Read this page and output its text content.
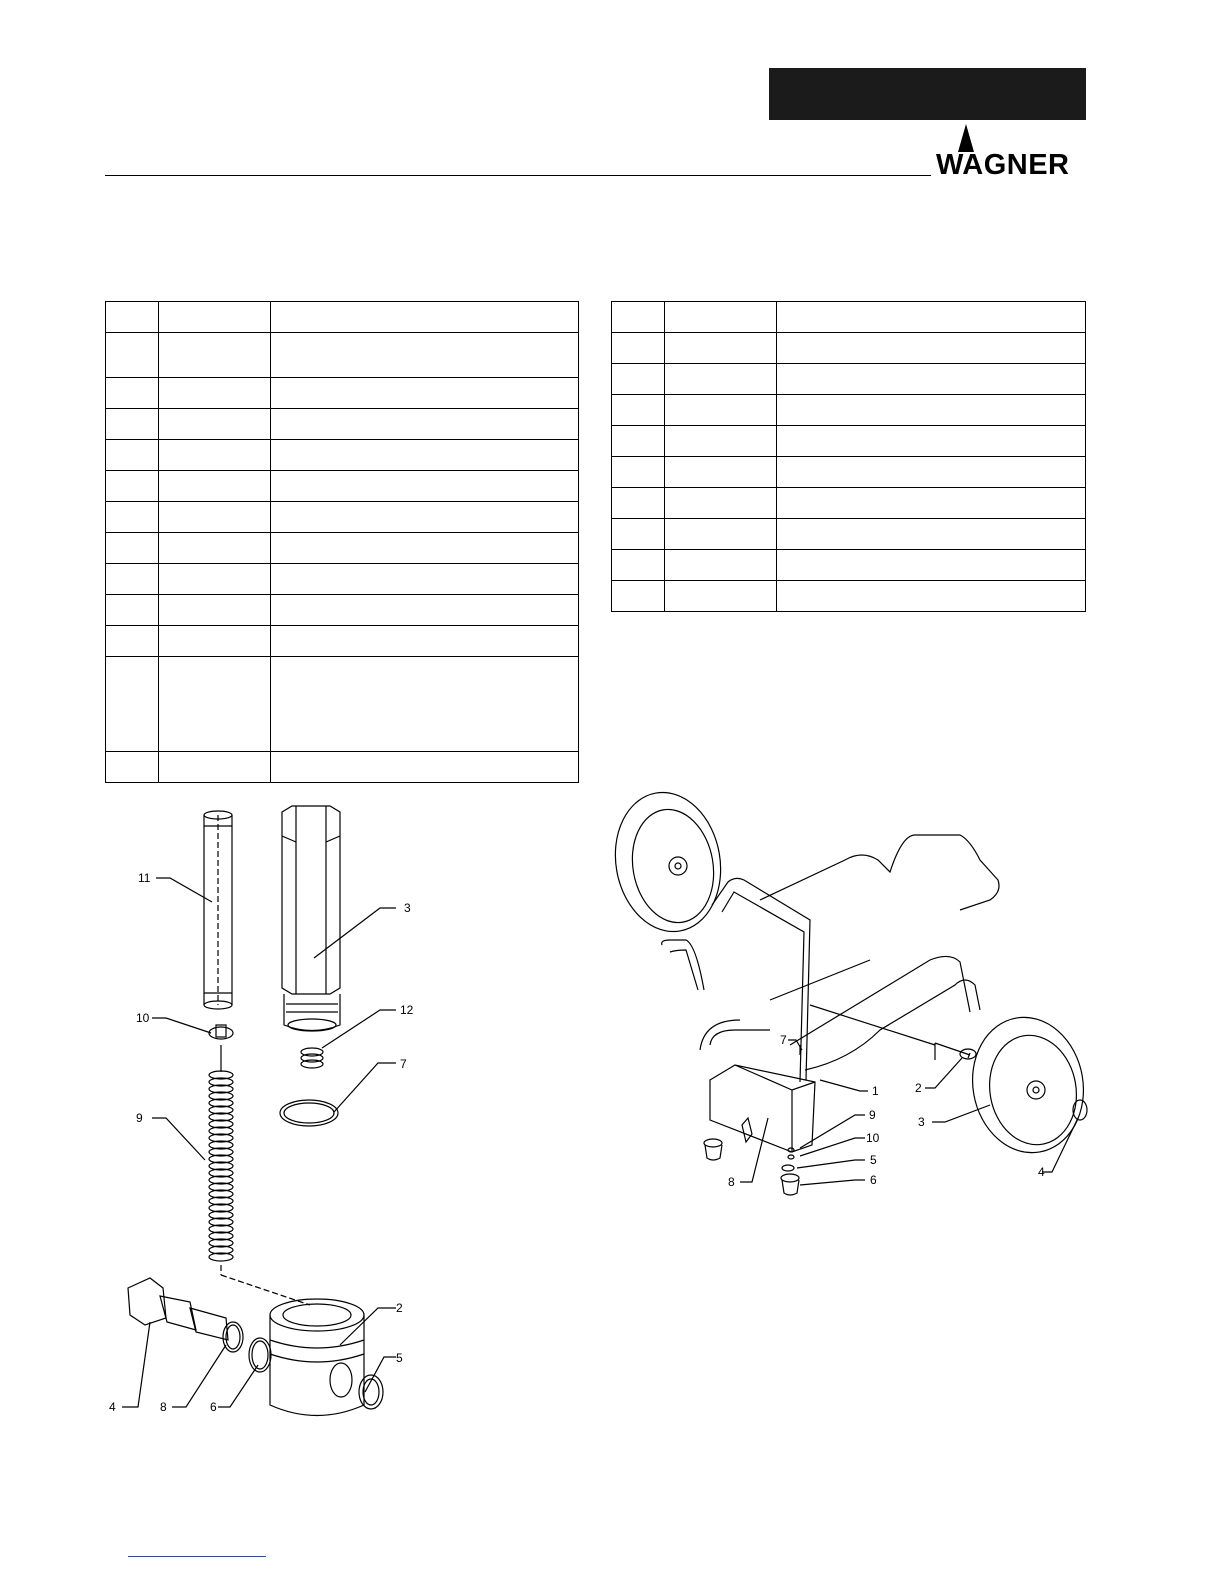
WAGNER

11
3
10
12
9
7
2
5
4	8	6
7
1	2
3
9
10
5
6
8
4
